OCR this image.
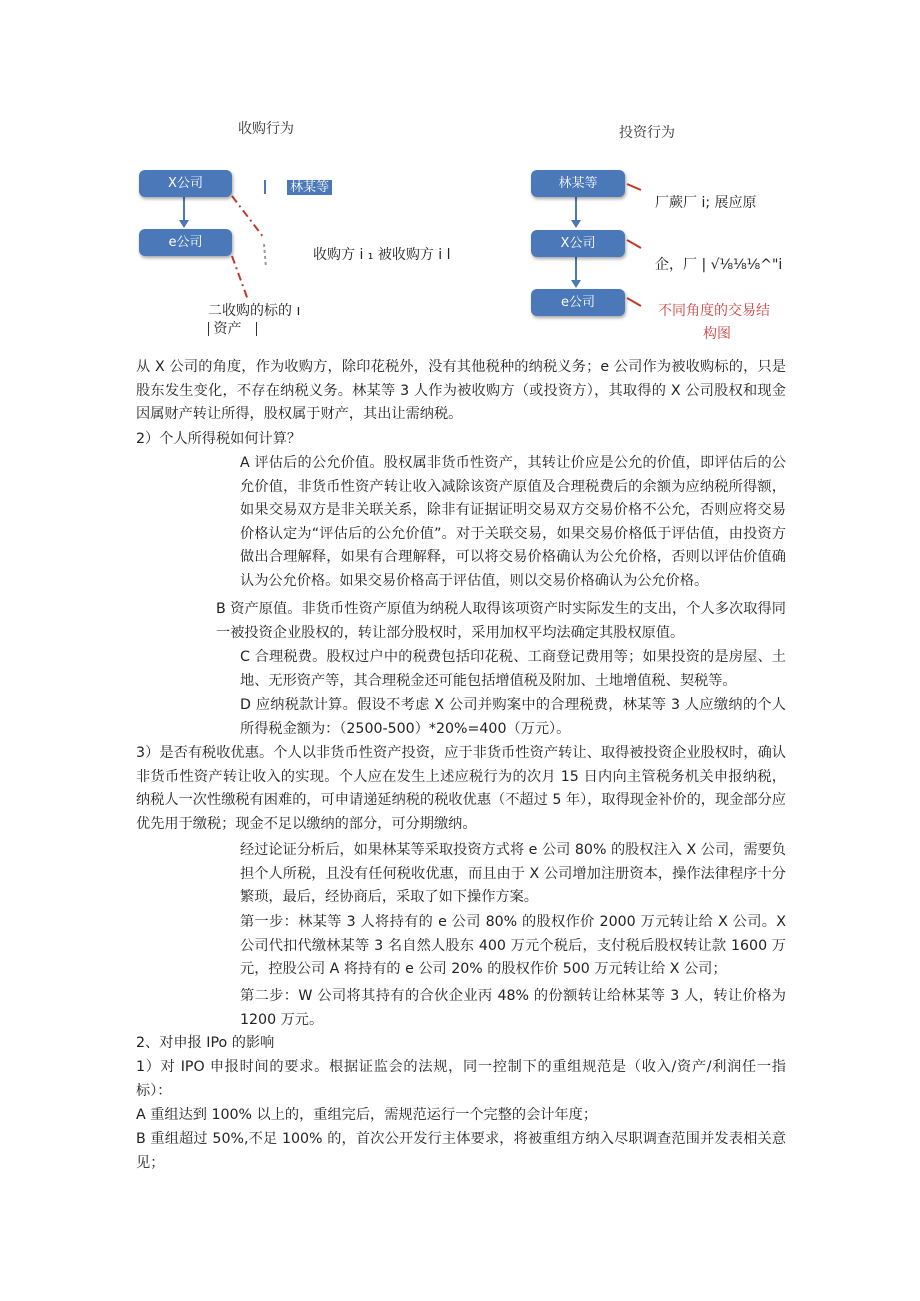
收购行为
X公司
e公司
林某等
收购方 i ₁ 被收购方 i l
二收购的标的 ı
资产
投资行为
林某等
X公司
e公司
厂蕨厂 i; 展应原
企，厂 | √⅛⅛⅛^"i
不同角度的交易结
构图
从 X 公司的角度，作为收购方，除印花税外，没有其他税种的纳税义务；e 公司作为被收购标的，只是股东发生变化，不存在纳税义务。林某等 3 人作为被收购方（或投资方），其取得的 X 公司股权和现金因属财产转让所得，股权属于财产，其出让需纳税。
2）个人所得税如何计算？
A 评估后的公允价值。股权属非货币性资产，其转让价应是公允的价值，即评估后的公允价值，非货币性资产转让收入减除该资产原值及合理税费后的余额为应纳税所得额，如果交易双方是非关联关系，除非有证据证明交易双方交易价格不公允，否则应将交易价格认定为“评估后的公允价值”。对于关联交易，如果交易价格低于评估值，由投资方做出合理解释，如果有合理解释，可以将交易价格确认为公允价格，否则以评估价值确认为公允价格。如果交易价格高于评估值，则以交易价格确认为公允价格。
B 资产原值。非货币性资产原值为纳税人取得该项资产时实际发生的支出，个人多次取得同一被投资企业股权的，转让部分股权时，采用加权平均法确定其股权原值。
C 合理税费。股权过户中的税费包括印花税、工商登记费用等；如果投资的是房屋、土地、无形资产等，其合理税金还可能包括增值税及附加、土地增值税、契税等。
D 应纳税款计算。假设不考虑 X 公司并购案中的合理税费，林某等 3 人应缴纳的个人所得税金额为：（2500-500）*20%=400（万元）。
3）是否有税收优惠。个人以非货币性资产投资，应于非货币性资产转让、取得被投资企业股权时，确认非货币性资产转让收入的实现。个人应在发生上述应税行为的次月 15 日内向主管税务机关申报纳税，纳税人一次性缴税有困难的，可申请递延纳税的税收优惠（不超过 5 年），取得现金补价的，现金部分应优先用于缴税；现金不足以缴纳的部分，可分期缴纳。
经过论证分析后，如果林某等采取投资方式将 e 公司 80% 的股权注入 X 公司，需要负担个人所税，且没有任何税收优惠，而且由于 X 公司增加注册资本，操作法律程序十分繁琐，最后，经协商后，采取了如下操作方案。
第一步：林某等 3 人将持有的 e 公司 80% 的股权作价 2000 万元转让给 X 公司。X 公司代扣代缴林某等 3 名自然人股东 400 万元个税后，支付税后股权转让款 1600 万元，控股公司 A 将持有的 e 公司 20% 的股权作价 500 万元转让给 X 公司；
第二步：W 公司将其持有的合伙企业丙 48% 的份额转让给林某等 3 人，转让价格为 1200 万元。
2、对申报 IPo 的影响
1）对 IPO 申报时间的要求。根据证监会的法规，同一控制下的重组规范是（收入/资产/利润任一指标）：
A 重组达到 100% 以上的，重组完后，需规范运行一个完整的会计年度；
B 重组超过 50%,不足 100% 的，首次公开发行主体要求，将被重组方纳入尽职调查范围并发表相关意见；
